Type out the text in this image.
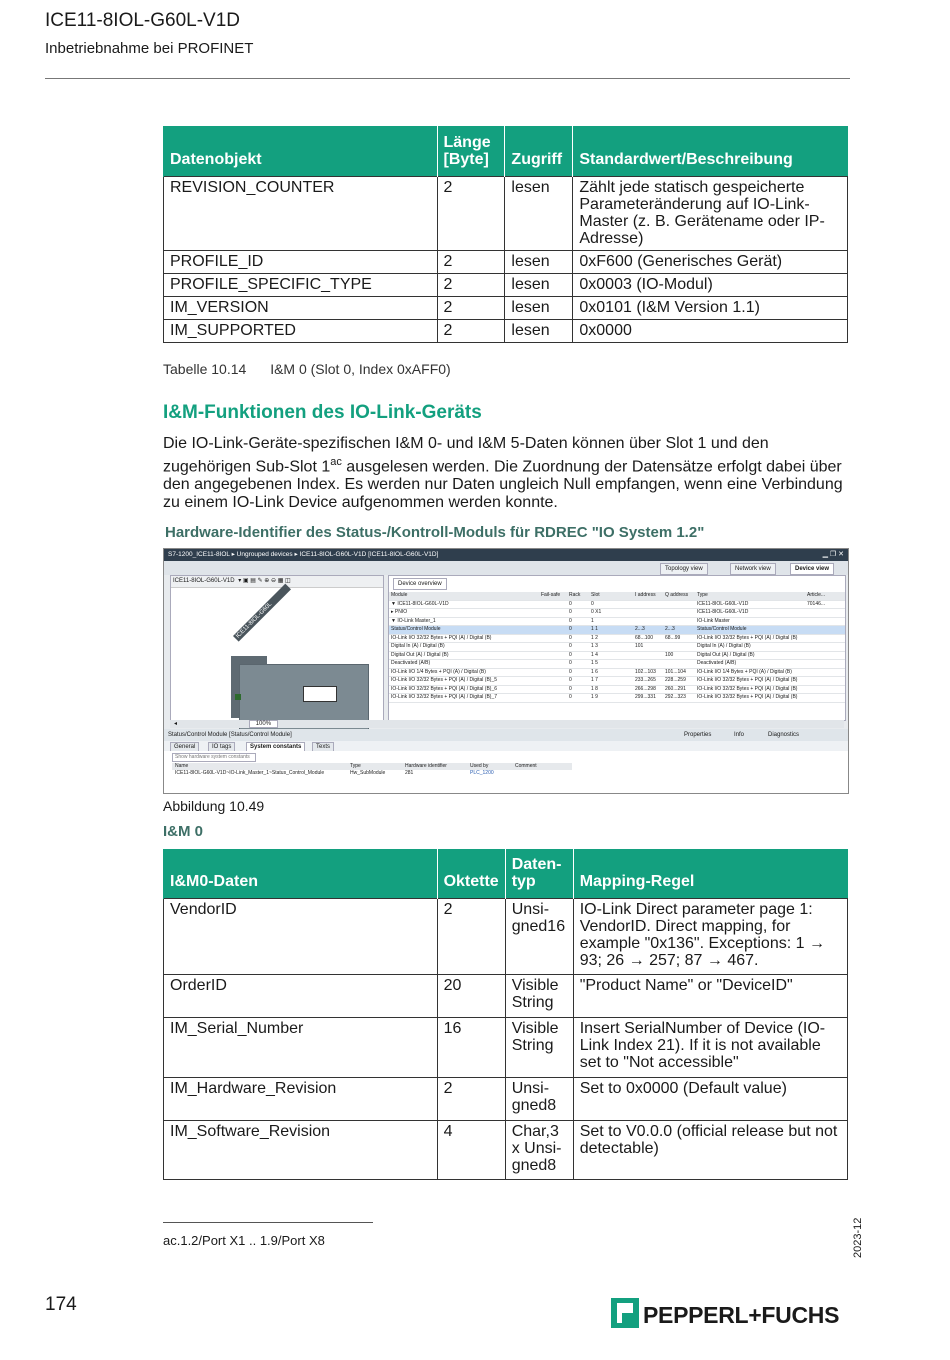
ICE11-8IOL-G60L-V1D
Inbetriebnahme bei PROFINET
Datenobjekt	Länge [Byte]	Zugriff	Standardwert/Beschreibung
REVISION_COUNTER	2	lesen	Zählt jede statisch gespeicherte Parameteränderung auf IO-Link-Master (z. B. Gerätename oder IP-Adresse)
PROFILE_ID	2	lesen	0xF600 (Generisches Gerät)
PROFILE_SPECIFIC_TYPE	2	lesen	0x0003 (IO-Modul)
IM_VERSION	2	lesen	0x0101 (I&M Version 1.1)
IM_SUPPORTED	2	lesen	0x0000
Tabelle 10.14 I&M 0 (Slot 0, Index 0xAFF0)
I&M-Funktionen des IO-Link-Geräts
Die IO-Link-Geräte-spezifischen I&M 0- und I&M 5-Daten können über Slot 1 und den zugehörigen Sub-Slot $1^{ac}$ ausgelesen werden. Die Zuordnung der Datensätze erfolgt dabei über den angegebenen Index. Es werden nur Daten ungleich Null empfangen, wenn eine Verbindung zu einem IO-Link Device aufgenommen werden konnte.
Hardware-Identifier des Status-/Kontroll-Moduls für RDREC "IO System 1.2"
S7-1200_ICE11-8IOL ▸ Ungrouped devices ▸ ICE11-8IOL-G60L-V1D [ICE11-8IOL-G60L-V1D]	▁ ❐ ✕
Topology view	Network view	Device view
ICE11-8IOL-G60L-V1D ▾ ▣ ▤ ✎ ⊕ ⊖ ▦ ◫
ICE11-8IOL-G60L
Device overview
Module	Fail-safe	Rack	Slot	I address	Q address	Type	Article...
▼ ICE11-8IOL-G60L-V1D		0	0			ICE11-8IOL-G60L-V1D	70146...
▸ PNIO		0	0 X1			ICE11-8IOL-G60L-V1D	
▼ IO-Link Master_1		0	1			IO-Link Master	
Status/Control Module		0	1 1	2...3	2...3	Status/Control Module	
IO-Link I/O 32/32 Bytes + PQI (A) / Digital (B)		0	1 2	68...100	68...99	IO-Link I/O 32/32 Bytes + PQI (A) / Digital (B)	
Digital In (A) / Digital (B)		0	1 3	101		Digital In (A) / Digital (B)	
Digital Out (A) / Digital (B)		0	1 4		100	Digital Out (A) / Digital (B)	
Deactivated (A/B)		0	1 5			Deactivated (A/B)	
IO-Link I/O 1/4 Bytes + PQI (A) / Digital (B)		0	1 6	102...103	101...104	IO-Link I/O 1/4 Bytes + PQI (A) / Digital (B)	
IO-Link I/O 32/32 Bytes + PQI (A) / Digital (B)_5		0	1 7	233...265	228...259	IO-Link I/O 32/32 Bytes + PQI (A) / Digital (B)	
IO-Link I/O 32/32 Bytes + PQI (A) / Digital (B)_6		0	1 8	266...298	260...291	IO-Link I/O 32/32 Bytes + PQI (A) / Digital (B)	
IO-Link I/O 32/32 Bytes + PQI (A) / Digital (B)_7		0	1 9	299...331	292...323	IO-Link I/O 32/32 Bytes + PQI (A) / Digital (B)	
◂	100%
Status/Control Module [Status/Control Module]	Properties	Info	Diagnostics
General	IO tags	System constants	Texts
Show hardware system constants
Name	Type	Hardware identifier	Used by	Comment
ICE11-8IOL-G60L-V1D~IO-Link_Master_1~Status_Control_Module	Hw_SubModule	281	PLC_1200	
Abbildung 10.49
I&M 0
I&M0-Daten	Oktette	Daten-typ	Mapping-Regel
VendorID	2	Unsi-gned16	IO-Link Direct parameter page 1: VendorID. Direct mapping, for example "0x136". Exceptions: 1 → 93; 26 → 257; 87 → 467.
OrderID	20	Visible String	"Product Name" or "DeviceID"
IM_Serial_Number	16	Visible String	Insert SerialNumber of Device (IO-Link Index 21). If it is not available set to "Not accessible"
IM_Hardware_Revision	2	Unsi-gned8	Set to 0x0000 (Default value)
IM_Software_Revision	4	Char,3 x Unsi-gned8	Set to V0.0.0 (official release but not detectable)
ac.1.2/Port X1 .. 1.9/Port X8	2023-12
174	PEPPERL+FUCHS
